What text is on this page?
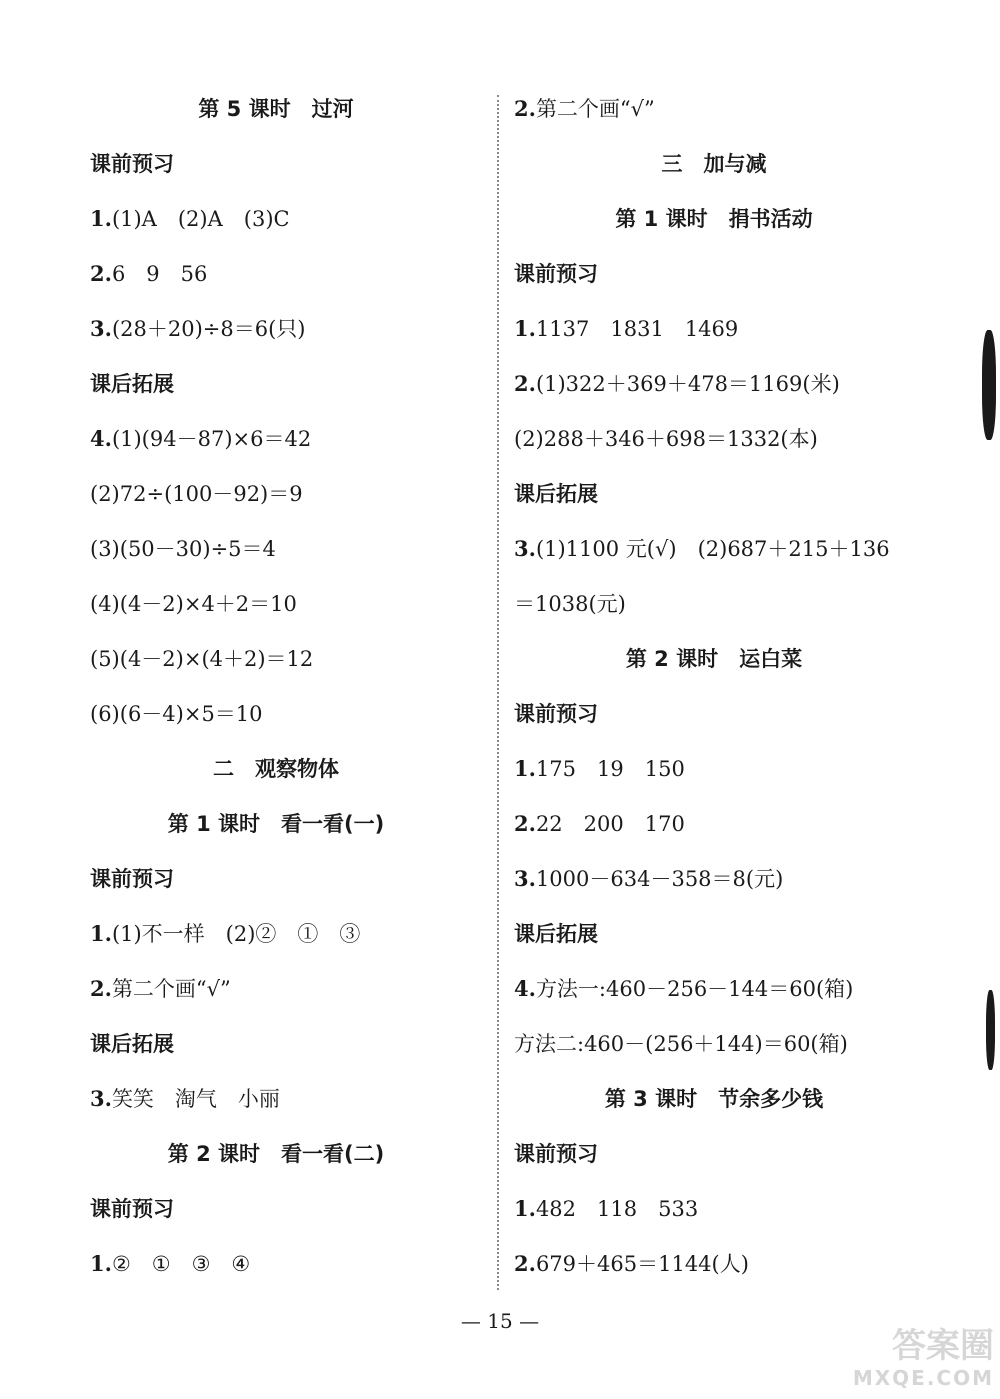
第 5 课时　过河
课前预习
1.(1)A　(2)A　(3)C
2.6　9　56
3.(28＋20)÷8＝6(只)
课后拓展
4.(1)(94－87)×6＝42
(2)72÷(100－92)＝9
(3)(50－30)÷5＝4
(4)(4－2)×4＋2＝10
(5)(4－2)×(4＋2)＝12
(6)(6－4)×5＝10
二　观察物体
第 1 课时　看一看(一)
课前预习
1.(1)不一样　(2)②　①　③
2.第二个画“√”
课后拓展
3.笑笑　淘气　小丽
第 2 课时　看一看(二)
课前预习
1.②　①　③　④
2.第二个画“√”
三　加与减
第 1 课时　捐书活动
课前预习
1.1137　1831　1469
2.(1)322＋369＋478＝1169(米)
(2)288＋346＋698＝1332(本)
课后拓展
3.(1)1100 元(√)　(2)687＋215＋136
＝1038(元)
第 2 课时　运白菜
课前预习
1.175　19　150
2.22　200　170
3.1000－634－358＝8(元)
课后拓展
4.方法一:460－256－144＝60(箱)
方法二:460－(256＋144)＝60(箱)
第 3 课时　节余多少钱
课前预习
1.482　118　533
2.679＋465＝1144(人)
— 15 —
答案圈
MXQE.COM
